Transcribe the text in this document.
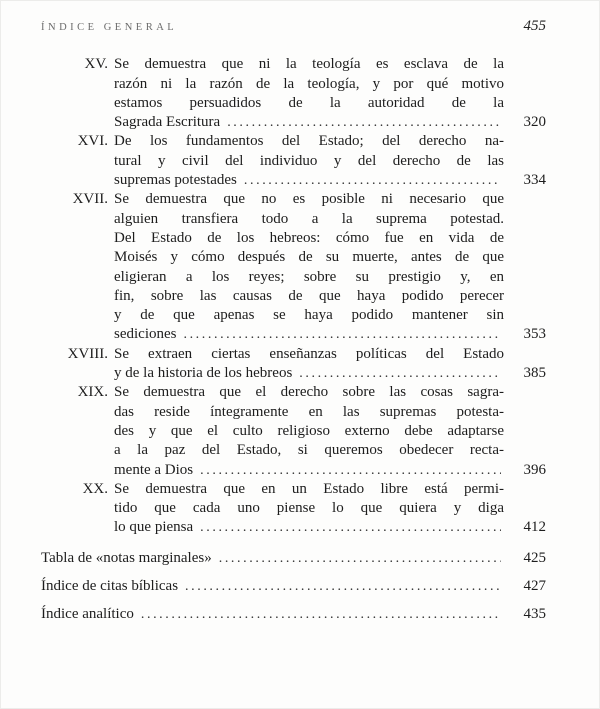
ÍNDICE GENERAL	455
XV. Se demuestra que ni la teología es esclava de la
razón ni la razón de la teología, y por qué motivo
estamos persuadidos de la autoridad de la
Sagrada Escritura .....	320
XVI. De los fundamentos del Estado; del derecho na-
tural y civil del individuo y del derecho de las
supremas potestades .....	334
XVII. Se demuestra que no es posible ni necesario que
alguien transfiera todo a la suprema potestad.
Del Estado de los hebreos: cómo fue en vida de
Moisés y cómo después de su muerte, antes de que
eligieran a los reyes; sobre su prestigio y, en
fin, sobre las causas de que haya podido perecer
y de que apenas se haya podido mantener sin
sediciones .....	353
XVIII. Se extraen ciertas enseñanzas políticas del Estado
y de la historia de los hebreos .....	385
XIX. Se demuestra que el derecho sobre las cosas sagra-
das reside íntegramente en las supremas potesta-
des y que el culto religioso externo debe adaptarse
a la paz del Estado, si queremos obedecer recta-
mente a Dios .....	396
XX. Se demuestra que en un Estado libre está permi-
tido que cada uno piense lo que quiera y diga
lo que piensa .....	412
Tabla de «notas marginales» .....	425
Índice de citas bíblicas .....	427
Índice analítico .....	435
